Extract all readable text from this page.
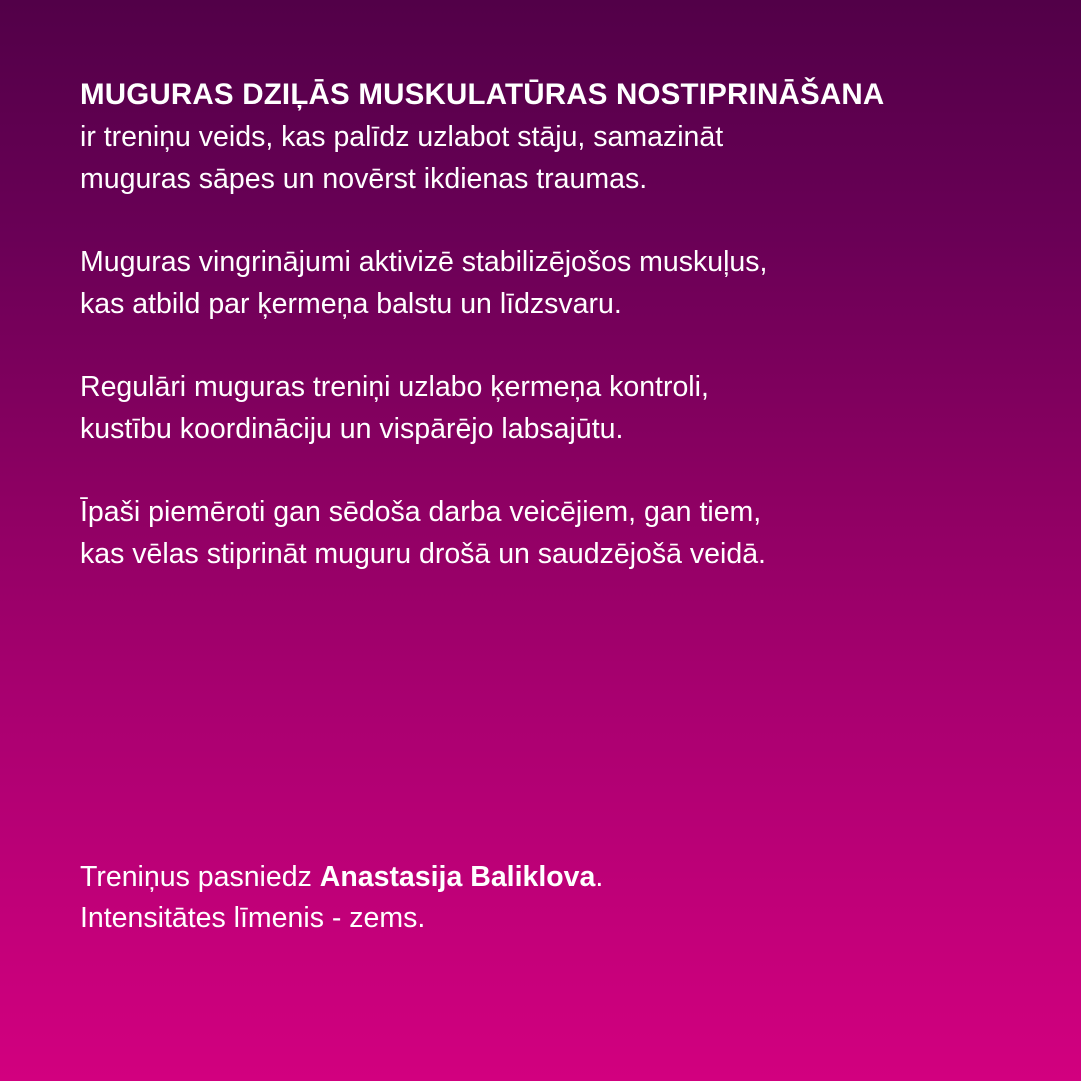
MUGURAS DZIĻĀS MUSKULATŪRAS NOSTIPRINĀŠANA
ir treniņu veids, kas palīdz uzlabot stāju, samazināt
muguras sāpes un novērst ikdienas traumas.
Muguras vingrinājumi aktivizē stabilizējošos muskuļus,
kas atbild par ķermeņa balstu un līdzsvaru.
Regulāri muguras treniņi uzlabo ķermeņa kontroli,
kustību koordināciju un vispārējo labsajūtu.
Īpaši piemēroti gan sēdoša darba veicējiem, gan tiem,
kas vēlas stiprināt muguru drošā un saudzējošā veidā.
Treniņus pasniedz Anastasija Baliklova.
Intensitātes līmenis - zems.
